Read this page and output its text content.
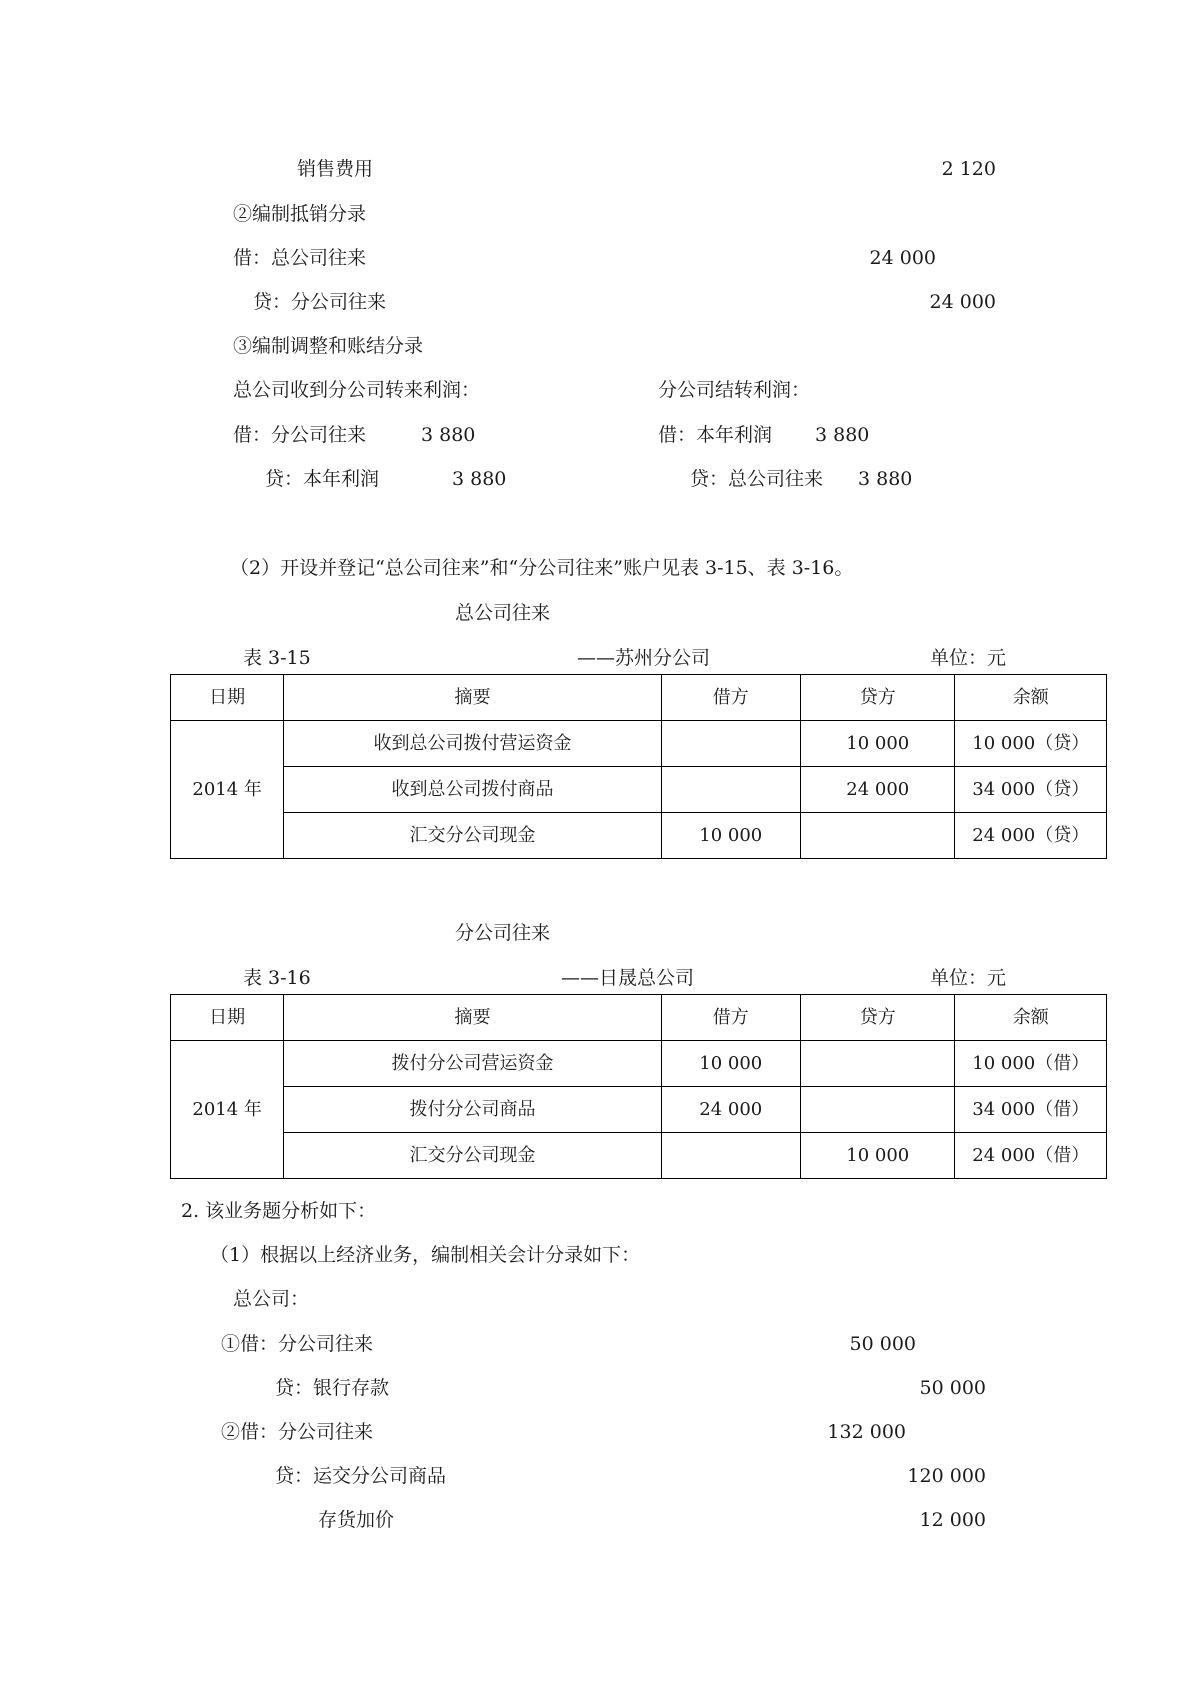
销售费用	2 120
②编制抵销分录
借：总公司往来	24 000
贷：分公司往来	24 000
③编制调整和账结分录
总公司收到分公司转来利润：	分公司结转利润：
借：分公司往来	3 880	借：本年利润 3 880
贷：本年利润	3 880	贷：总公司往来 3 880
（2）开设并登记“总公司往来”和“分公司往来”账户见表 3-15、表 3-16。
总公司往来
表 3-15	——苏州分公司	单位：元
日期	摘要	借方	贷方	余额
2014 年	收到总公司拨付营运资金		10 000	10 000（贷）
	收到总公司拨付商品		24 000	34 000（贷）
	汇交分公司现金	10 000		24 000（贷）
分公司往来
表 3-16	——日晟总公司	单位：元
日期	摘要	借方	贷方	余额
2014 年	拨付分公司营运资金	10 000		10 000（借）
	拨付分公司商品	24 000		34 000（借）
	汇交分公司现金		10 000	24 000（借）
2. 该业务题分析如下：
（1）根据以上经济业务，编制相关会计分录如下：
总公司：
①借：分公司往来	50 000
贷：银行存款	50 000
②借：分公司往来	132 000
贷：运交分公司商品	120 000
存货加价	12 000
